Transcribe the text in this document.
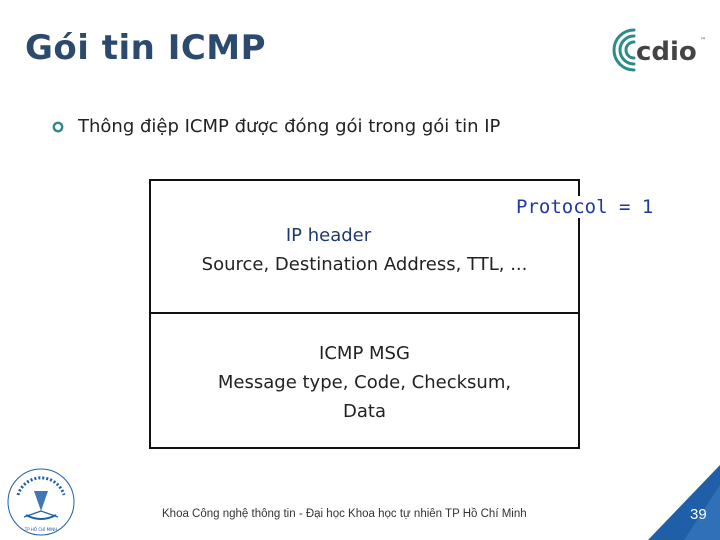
Gói tin ICMP	cdio ™
Thông điệp ICMP được đóng gói trong gói tin IP
IP header
Source, Destination Address, TTL, ...
ICMP MSG
Message type, Code, Checksum,
Data
Protocol = 1
TP HỒ CHÍ MINH
Khoa Công nghệ thông tin - Đại học Khoa học tự nhiên TP Hồ Chí Minh	39
